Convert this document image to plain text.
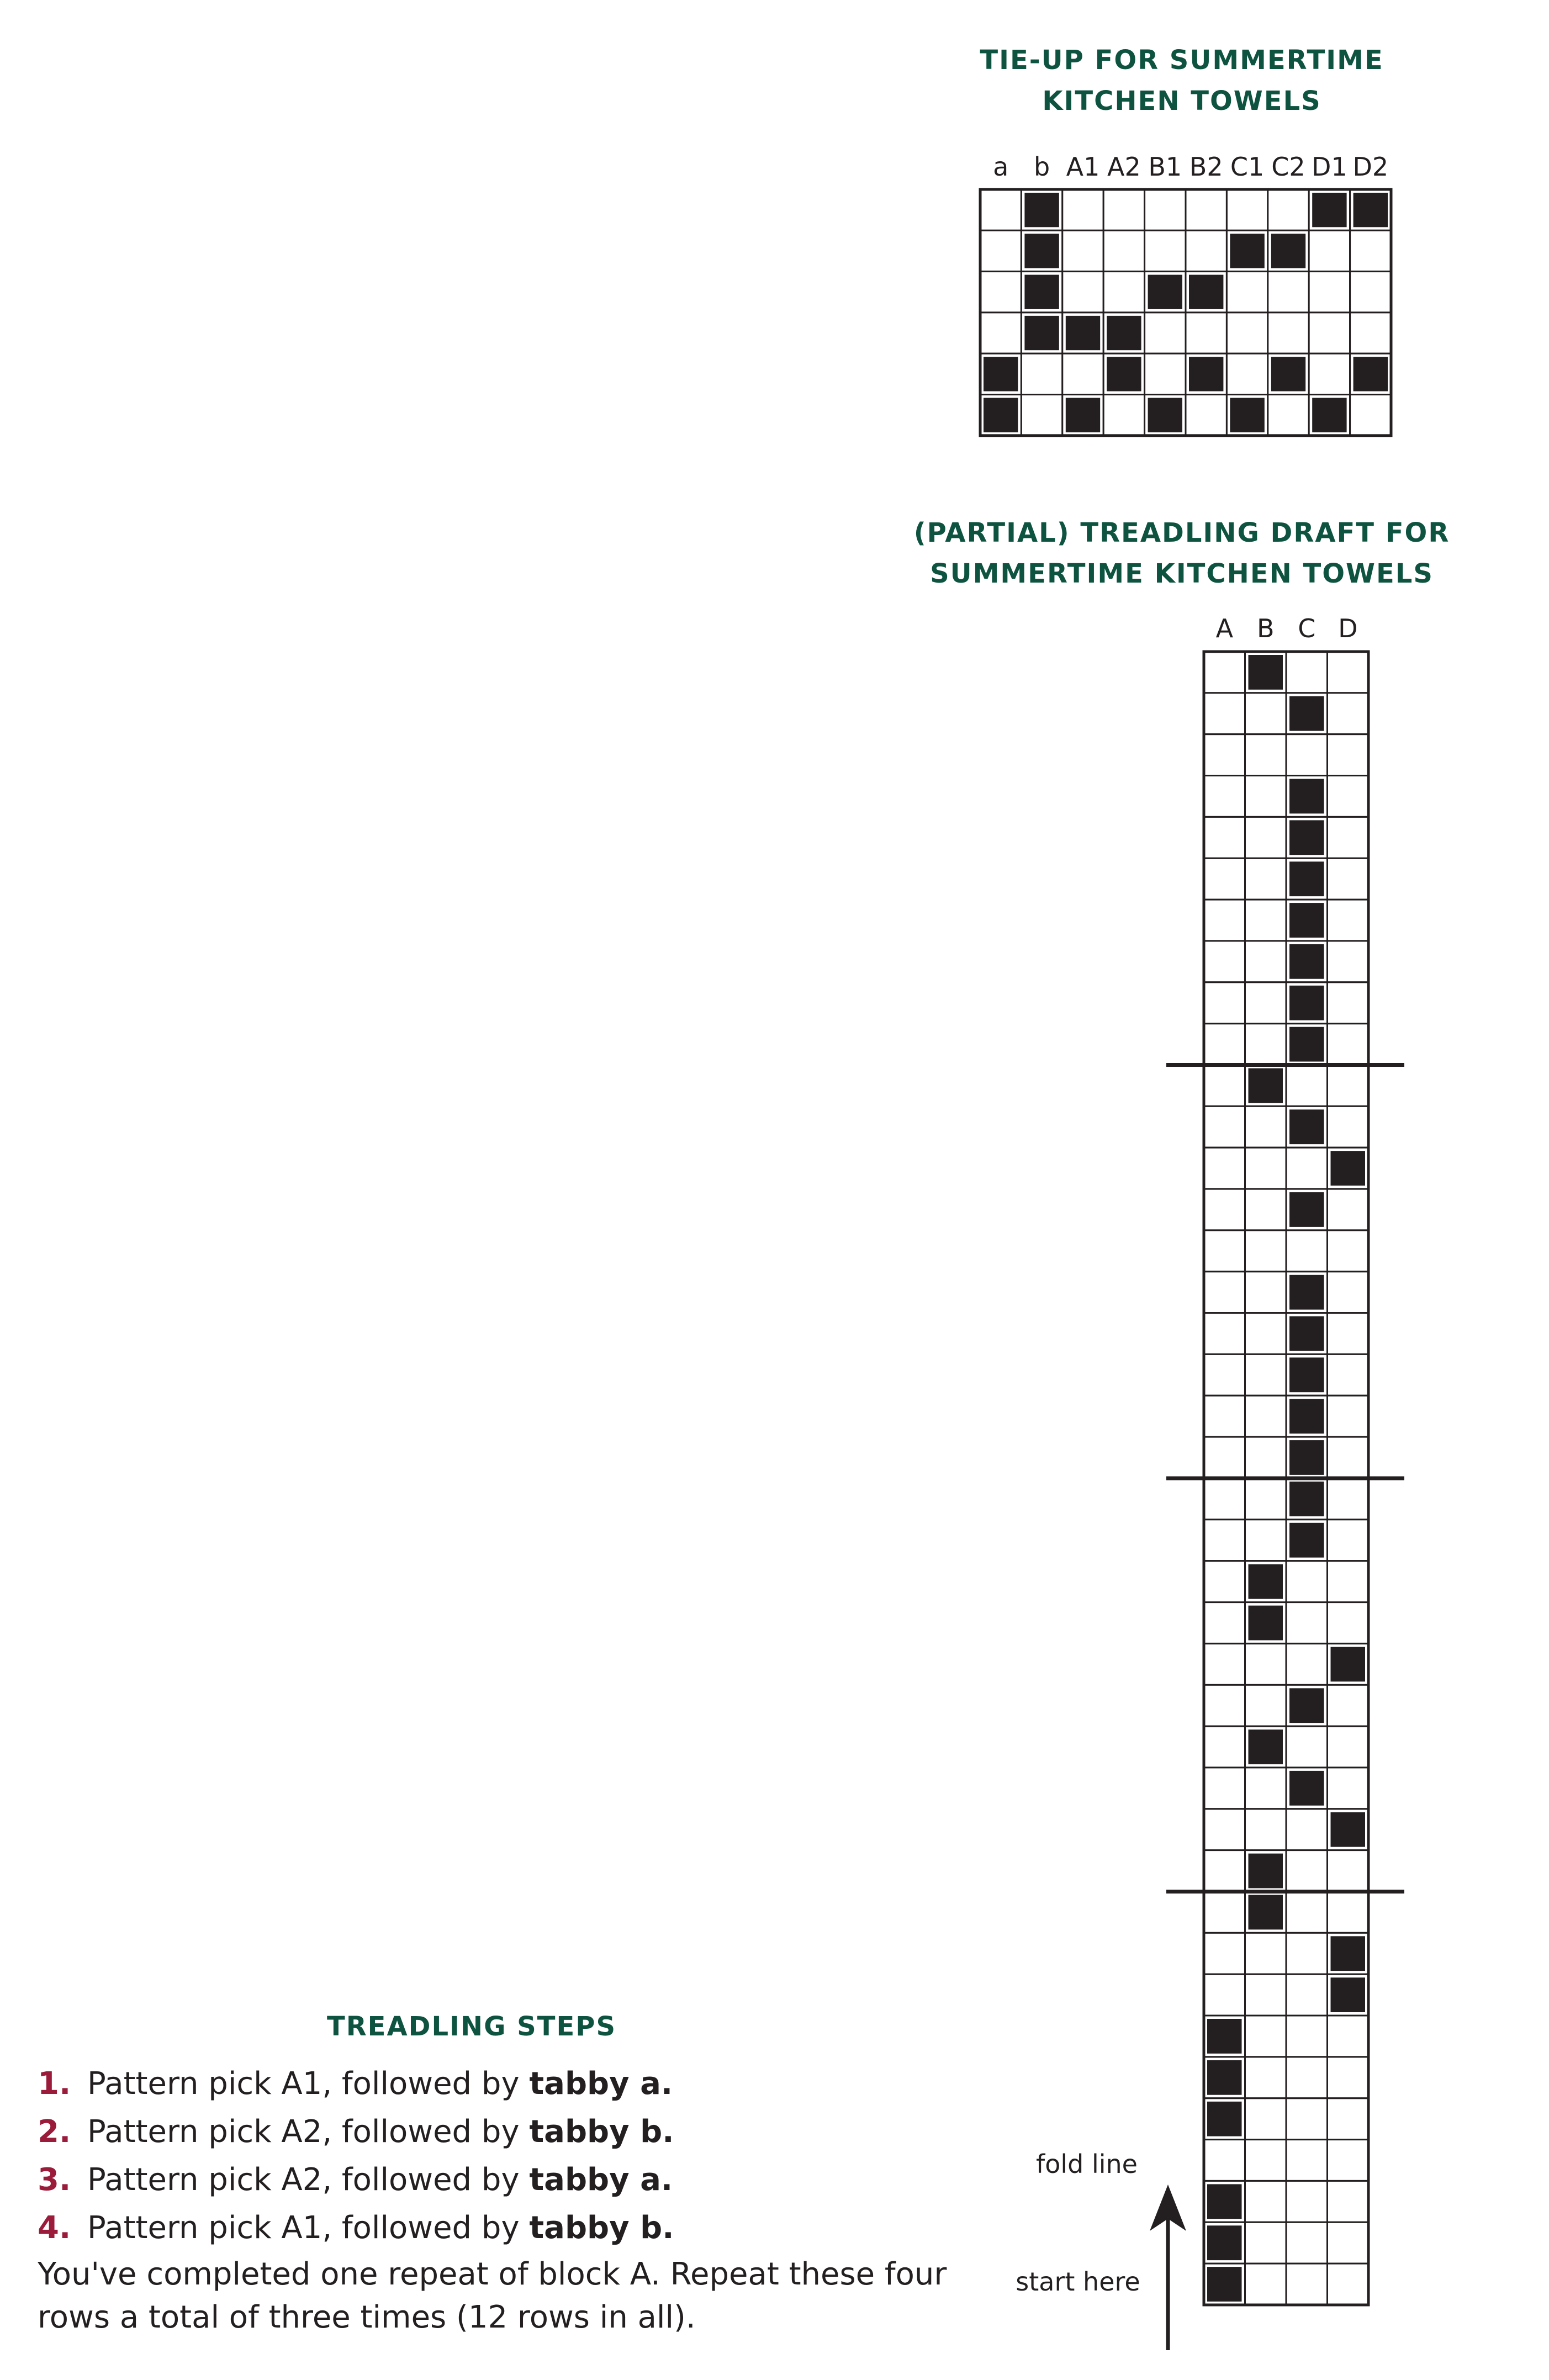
TIE-UP FOR SUMMERTIME
KITCHEN TOWELS
(PARTIAL) TREADLING DRAFT FOR
SUMMERTIME KITCHEN TOWELS
a b A1 A2 B1 B2 C1 C2 D1 D2
A B C D
fold line
start here
TREADLING STEPS
1. Pattern pick A1, followed by tabby a.
2. Pattern pick A2, followed by tabby b.
3. Pattern pick A2, followed by tabby a.
4. Pattern pick A1, followed by tabby b.
You've completed one repeat of block A. Repeat these four
rows a total of three times (12 rows in all).
